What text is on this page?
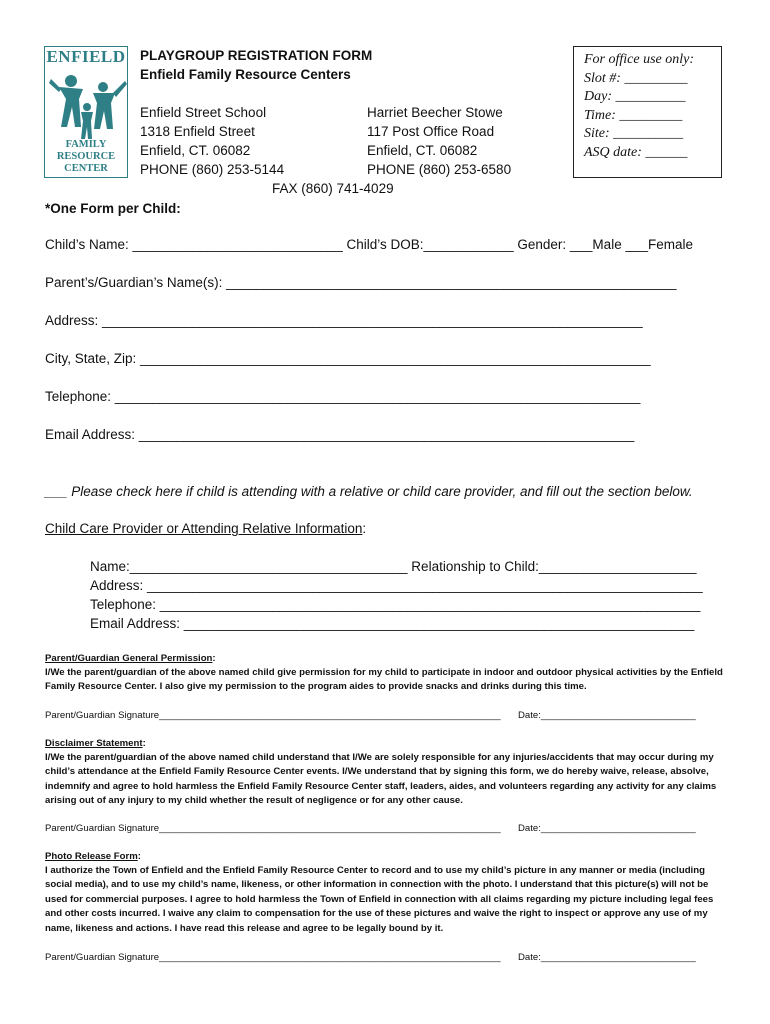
ENFIELD
FAMILY
RESOURCE
CENTER
PLAYGROUP REGISTRATION FORM
Enfield Family Resource Centers
Enfield Street School
1318 Enfield Street
Enfield, CT. 06082
PHONE (860) 253-5144
Harriet Beecher Stowe
117 Post Office Road
Enfield, CT. 06082
PHONE (860) 253-6580
FAX (860) 741-4029
For office use only:
Slot #: _________
Day: __________
Time: _________
Site: __________
ASQ date: ______
*One Form per Child:
Child’s Name: ____________________________ Child’s DOB:____________ Gender: ___Male ___Female
Parent’s/Guardian’s Name(s): ____________________________________________________________
Address: ________________________________________________________________________
City, State, Zip: ____________________________________________________________________
Telephone: ______________________________________________________________________
Email Address: __________________________________________________________________
___ Please check here if child is attending with a relative or child care provider, and fill out the section below.
Child Care Provider or Attending Relative Information:
Name:_____________________________________ Relationship to Child:_____________________
Address: __________________________________________________________________________
Telephone: ________________________________________________________________________
Email Address: ____________________________________________________________________
Parent/Guardian General Permission:
I/We the parent/guardian of the above named child give permission for my child to participate in indoor and outdoor physical activities by the Enfield Family Resource Center. I also give my permission to the program aides to provide snacks and drinks during this time.
Parent/Guardian Signature________________________________________________________________ Date:_____________________________
Disclaimer Statement:
I/We the parent/guardian of the above named child understand that I/We are solely responsible for any injuries/accidents that may occur during my child’s attendance at the Enfield Family Resource Center events. I/We understand that by signing this form, we do hereby waive, release, absolve, indemnify and agree to hold harmless the Enfield Family Resource Center staff, leaders, aides, and volunteers regarding any activity for any claims arising out of any injury to my child whether the result of negligence or for any other cause.
Parent/Guardian Signature________________________________________________________________ Date:_____________________________
Photo Release Form:
I authorize the Town of Enfield and the Enfield Family Resource Center to record and to use my child’s picture in any manner or media (including social media), and to use my child’s name, likeness, or other information in connection with the photo. I understand that this picture(s) will not be used for commercial purposes. I agree to hold harmless the Town of Enfield in connection with all claims regarding my picture including legal fees and other costs incurred. I waive any claim to compensation for the use of these pictures and waive the right to inspect or approve any use of my name, likeness and actions. I have read this release and agree to be legally bound by it.
Parent/Guardian Signature________________________________________________________________ Date:_____________________________
